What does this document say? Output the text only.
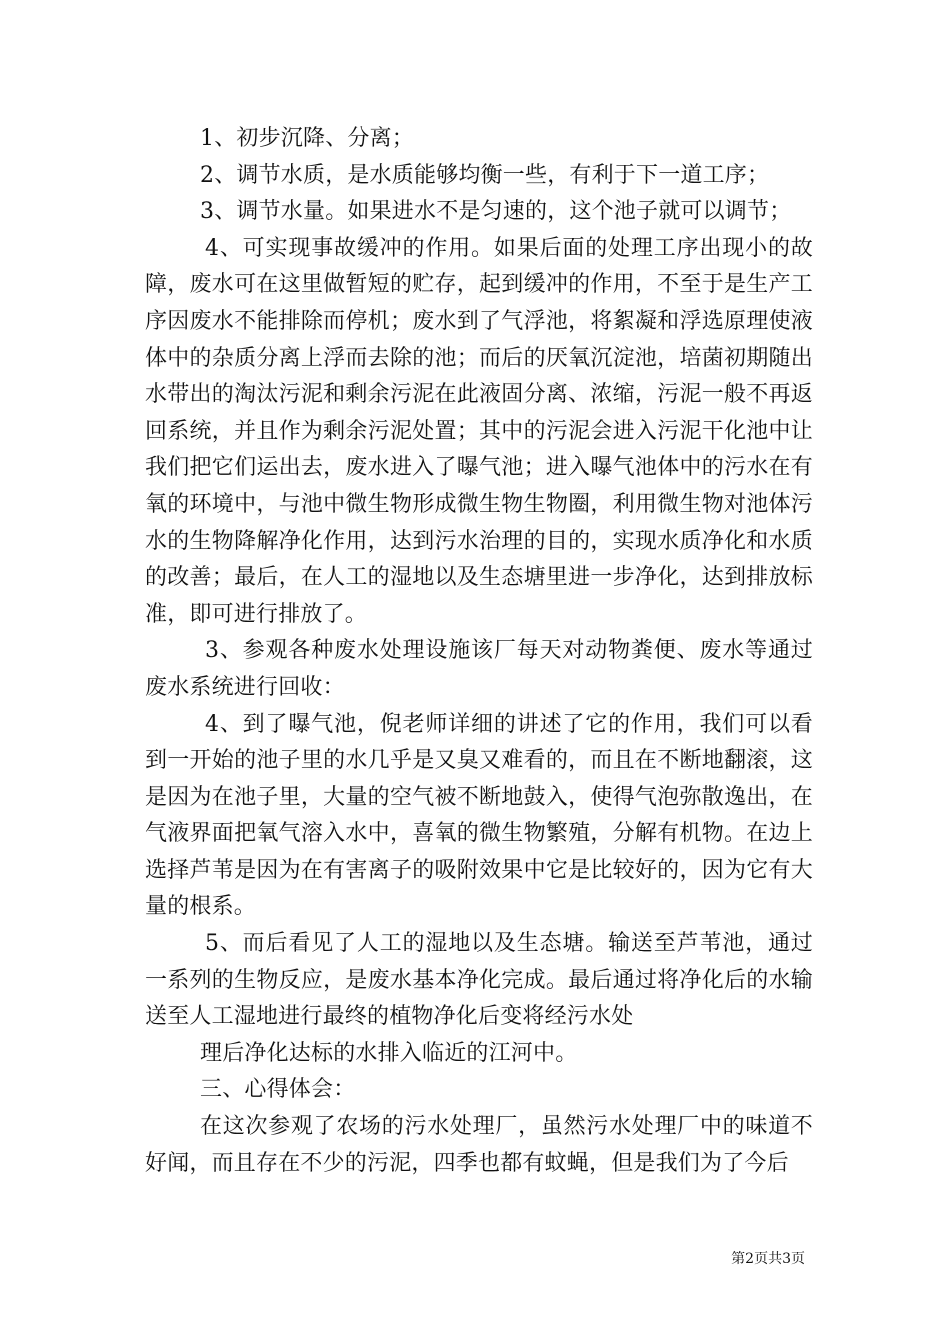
1、初步沉降、分离；

2、调节水质，是水质能够均衡一些，有利于下一道工序；

3、调节水量。如果进水不是匀速的，这个池子就可以调节；

4、可实现事故缓冲的作用。如果后面的处理工序出现小的故障，废水可在这里做暂短的贮存，起到缓冲的作用，不至于是生产工序因废水不能排除而停机；废水到了气浮池，将絮凝和浮选原理使液体中的杂质分离上浮而去除的池；而后的厌氧沉淀池，培菌初期随出水带出的淘汰污泥和剩余污泥在此液固分离、浓缩，污泥一般不再返回系统，并且作为剩余污泥处置；其中的污泥会进入污泥干化池中让我们把它们运出去，废水进入了曝气池；进入曝气池体中的污水在有氧的环境中，与池中微生物形成微生物生物圈，利用微生物对池体污水的生物降解净化作用，达到污水治理的目的，实现水质净化和水质的改善；最后，在人工的湿地以及生态塘里进一步净化，达到排放标准，即可进行排放了。

3、参观各种废水处理设施该厂每天对动物粪便、废水等通过废水系统进行回收：

4、到了曝气池，倪老师详细的讲述了它的作用，我们可以看到一开始的池子里的水几乎是又臭又难看的，而且在不断地翻滚，这是因为在池子里，大量的空气被不断地鼓入，使得气泡弥散逸出，在气液界面把氧气溶入水中，喜氧的微生物繁殖，分解有机物。在边上选择芦苇是因为在有害离子的吸附效果中它是比较好的，因为它有大量的根系。

5、而后看见了人工的湿地以及生态塘。输送至芦苇池，通过一系列的生物反应，是废水基本净化完成。最后通过将净化后的水输送至人工湿地进行最终的植物净化后变将经污水处

理后净化达标的水排入临近的江河中。

三、心得体会：

在这次参观了农场的污水处理厂，虽然污水处理厂中的味道不好闻，而且存在不少的污泥，四季也都有蚊蝇，但是我们为了今后

第2页共3页
